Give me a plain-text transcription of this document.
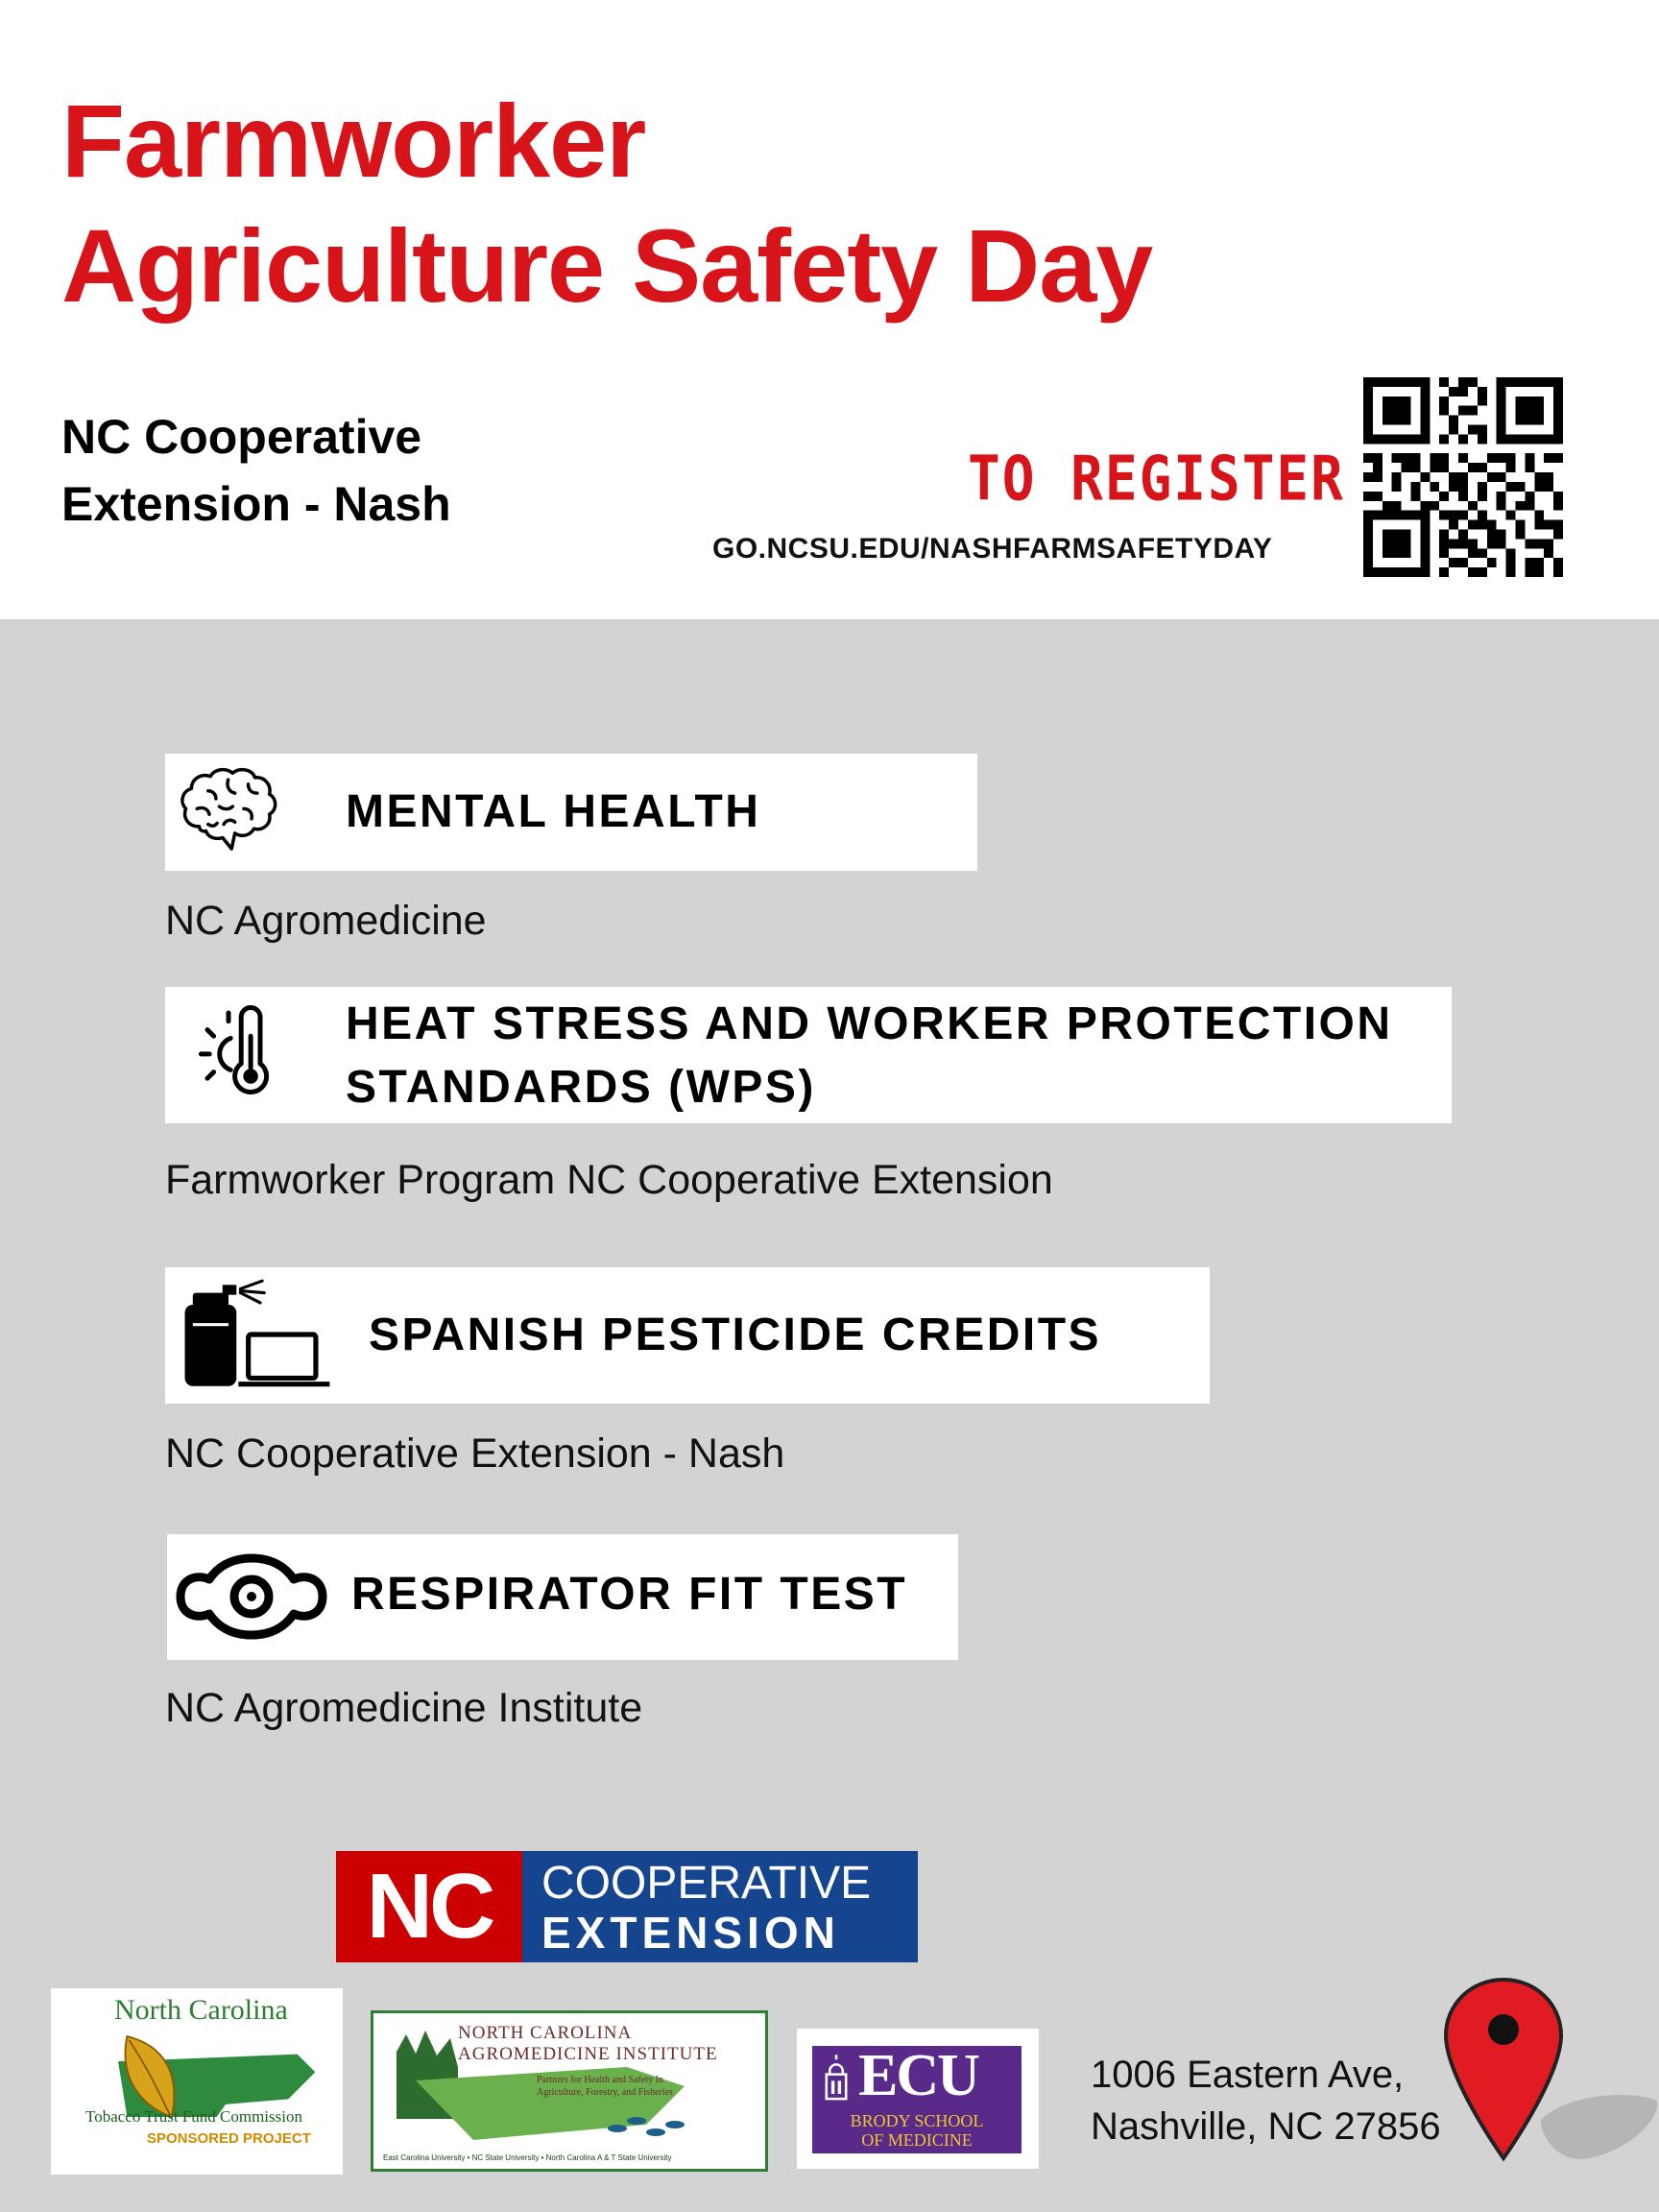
Farmworker
Agriculture Safety Day
NC Cooperative
Extension - Nash	TO REGISTER
GO.NCSU.EDU/NASHFARMSAFETYDAY
MENTAL HEALTH
NC Agromedicine
HEAT STRESS AND WORKER PROTECTION
STANDARDS (WPS)
Farmworker Program NC Cooperative Extension
SPANISH PESTICIDE CREDITS
NC Cooperative Extension - Nash
RESPIRATOR FIT TEST
NC Agromedicine Institute
NC	COOPERATIVE
EXTENSION
North Carolina
Tobacco Trust Fund Commission
SPONSORED PROJECT
NORTH CAROLINA
AGROMEDICINE INSTITUTE
Partners for Health and Safety In
Agriculture, Forestry, and Fisheries
East Carolina University • NC State University • North Carolina A & T State University
ECU
BRODY SCHOOL
OF MEDICINE
1006 Eastern Ave,
Nashville, NC 27856
